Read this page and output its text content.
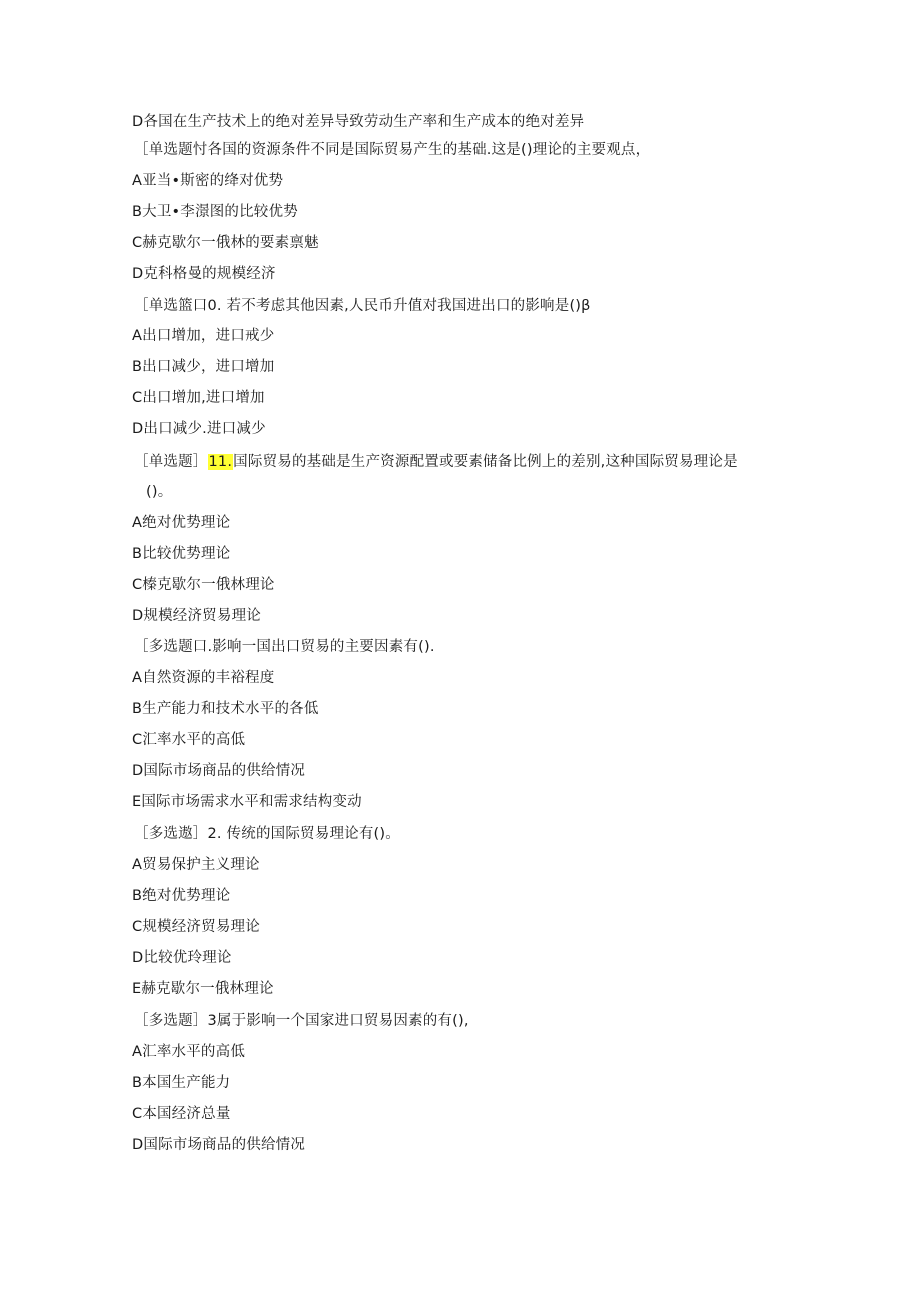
D各国在生产技术上的绝对差异导致劳动生产率和生产成本的绝对差异
［单选题忖各国的资源条件不同是国际贸易产生的基础.这是()理论的主要观点，
A亚当•斯密的绛对优势
B大卫•李澋图的比较优势
C赫克歇尔一俄林的要素禀魅
D克科格曼的规模经济
［单选篮口0. 若不考虑其他因素,人民币升值对我国进出口的影响是()β
A出口增加，进口戒少
B出口减少，进口增加
C出口增加,进口增加
D出口减少.进口减少
［单选题］11.国际贸易的基础是生产资源配置或要素储备比例上的差别,这种国际贸易理论是
()。
A绝对优势理论
B比较优势理论
C榛克歇尔一俄林理论
D规模经济贸易理论
［多选题口.影响一国出口贸易的主要因素有().
A自然资源的丰裕程度
B生产能力和技术水平的各低
C汇率水平的高低
D国际市场商品的供给情况
E国际市场需求水平和需求结构变动
［多选遨］2. 传统的国际贸易理论有()。
A贸易保护主义理论
B绝对优势理论
C规模经济贸易理论
D比较优玲理论
E赫克歇尔一俄林理论
［多选题］3属于影响一个国家进口贸易因素的有(),
A汇率水平的高低
B本国生产能力
C本国经济总量
D国际市场商品的供给情况
